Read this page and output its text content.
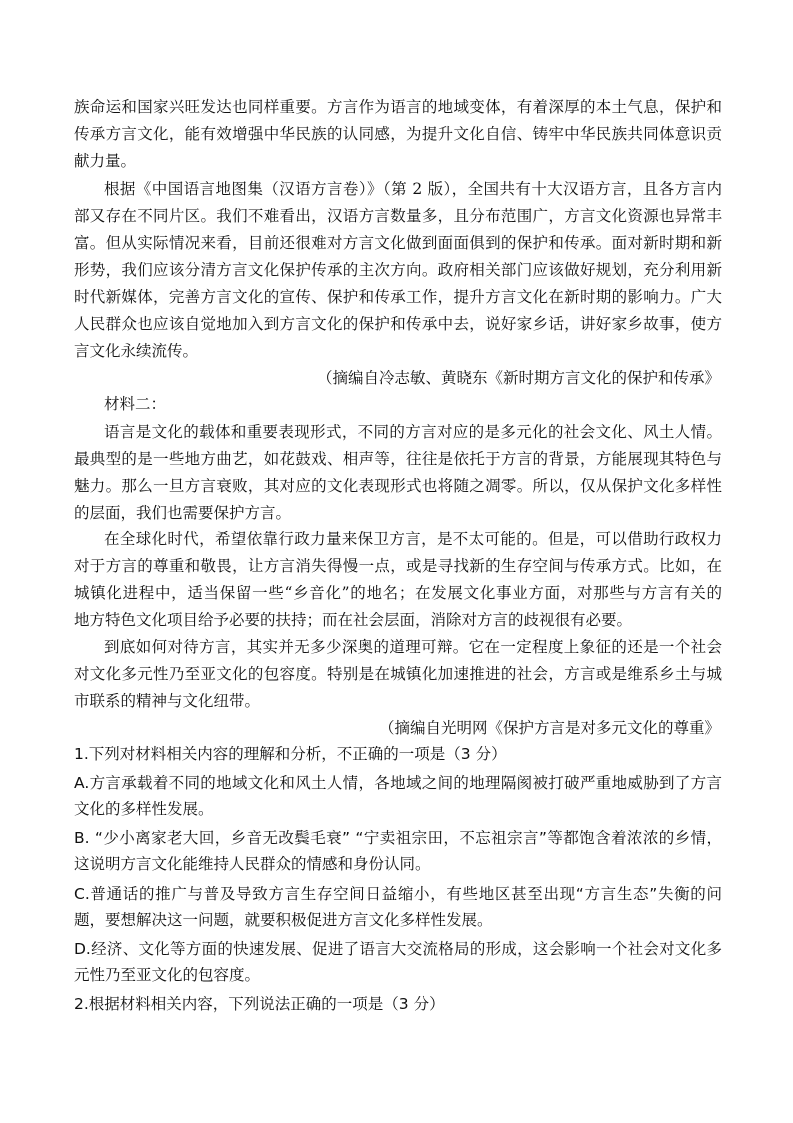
族命运和国家兴旺发达也同样重要。方言作为语言的地域变体，有着深厚的本土气息，保护和
传承方言文化，能有效增强中华民族的认同感，为提升文化自信、铸牢中华民族共同体意识贡
献力量。
根据《中国语言地图集（汉语方言卷）》（第 2 版），全国共有十大汉语方言，且各方言内
部又存在不同片区。我们不难看出，汉语方言数量多，且分布范围广，方言文化资源也异常丰
富。但从实际情况来看，目前还很难对方言文化做到面面俱到的保护和传承。面对新时期和新
形势，我们应该分清方言文化保护传承的主次方向。政府相关部门应该做好规划，充分利用新
时代新媒体，完善方言文化的宣传、保护和传承工作，提升方言文化在新时期的影响力。广大
人民群众也应该自觉地加入到方言文化的保护和传承中去，说好家乡话，讲好家乡故事，使方
言文化永续流传。
（摘编自冷志敏、黄晓东《新时期方言文化的保护和传承》
材料二：
语言是文化的载体和重要表现形式，不同的方言对应的是多元化的社会文化、风土人情。
最典型的是一些地方曲艺，如花鼓戏、相声等，往往是依托于方言的背景，方能展现其特色与
魅力。那么一旦方言衰败，其对应的文化表现形式也将随之凋零。所以，仅从保护文化多样性
的层面，我们也需要保护方言。
在全球化时代，希望依靠行政力量来保卫方言，是不太可能的。但是，可以借助行政权力
对于方言的尊重和敬畏，让方言消失得慢一点，或是寻找新的生存空间与传承方式。比如，在
城镇化进程中，适当保留一些“乡音化”的地名；在发展文化事业方面，对那些与方言有关的
地方特色文化项目给予必要的扶持；而在社会层面，消除对方言的歧视很有必要。
到底如何对待方言，其实并无多少深奥的道理可辩。它在一定程度上象征的还是一个社会
对文化多元性乃至亚文化的包容度。特别是在城镇化加速推进的社会，方言或是维系乡土与城
市联系的精神与文化纽带。
（摘编自光明网《保护方言是对多元文化的尊重》
1.下列对材料相关内容的理解和分析，不正确的一项是（3 分）
A.方言承载着不同的地域文化和风土人情，各地域之间的地理隔阂被打破严重地威胁到了方言
文化的多样性发展。
B. “少小离家老大回，乡音无改鬓毛衰” “宁卖祖宗田，不忘祖宗言”等都饱含着浓浓的乡情，
这说明方言文化能维持人民群众的情感和身份认同。
C.普通话的推广与普及导致方言生存空间日益缩小，有些地区甚至出现“方言生态”失衡的问
题，要想解决这一问题，就要积极促进方言文化多样性发展。
D.经济、文化等方面的快速发展、促进了语言大交流格局的形成，这会影响一个社会对文化多
元性乃至亚文化的包容度。
2.根据材料相关内容，下列说法正确的一项是（3 分）
